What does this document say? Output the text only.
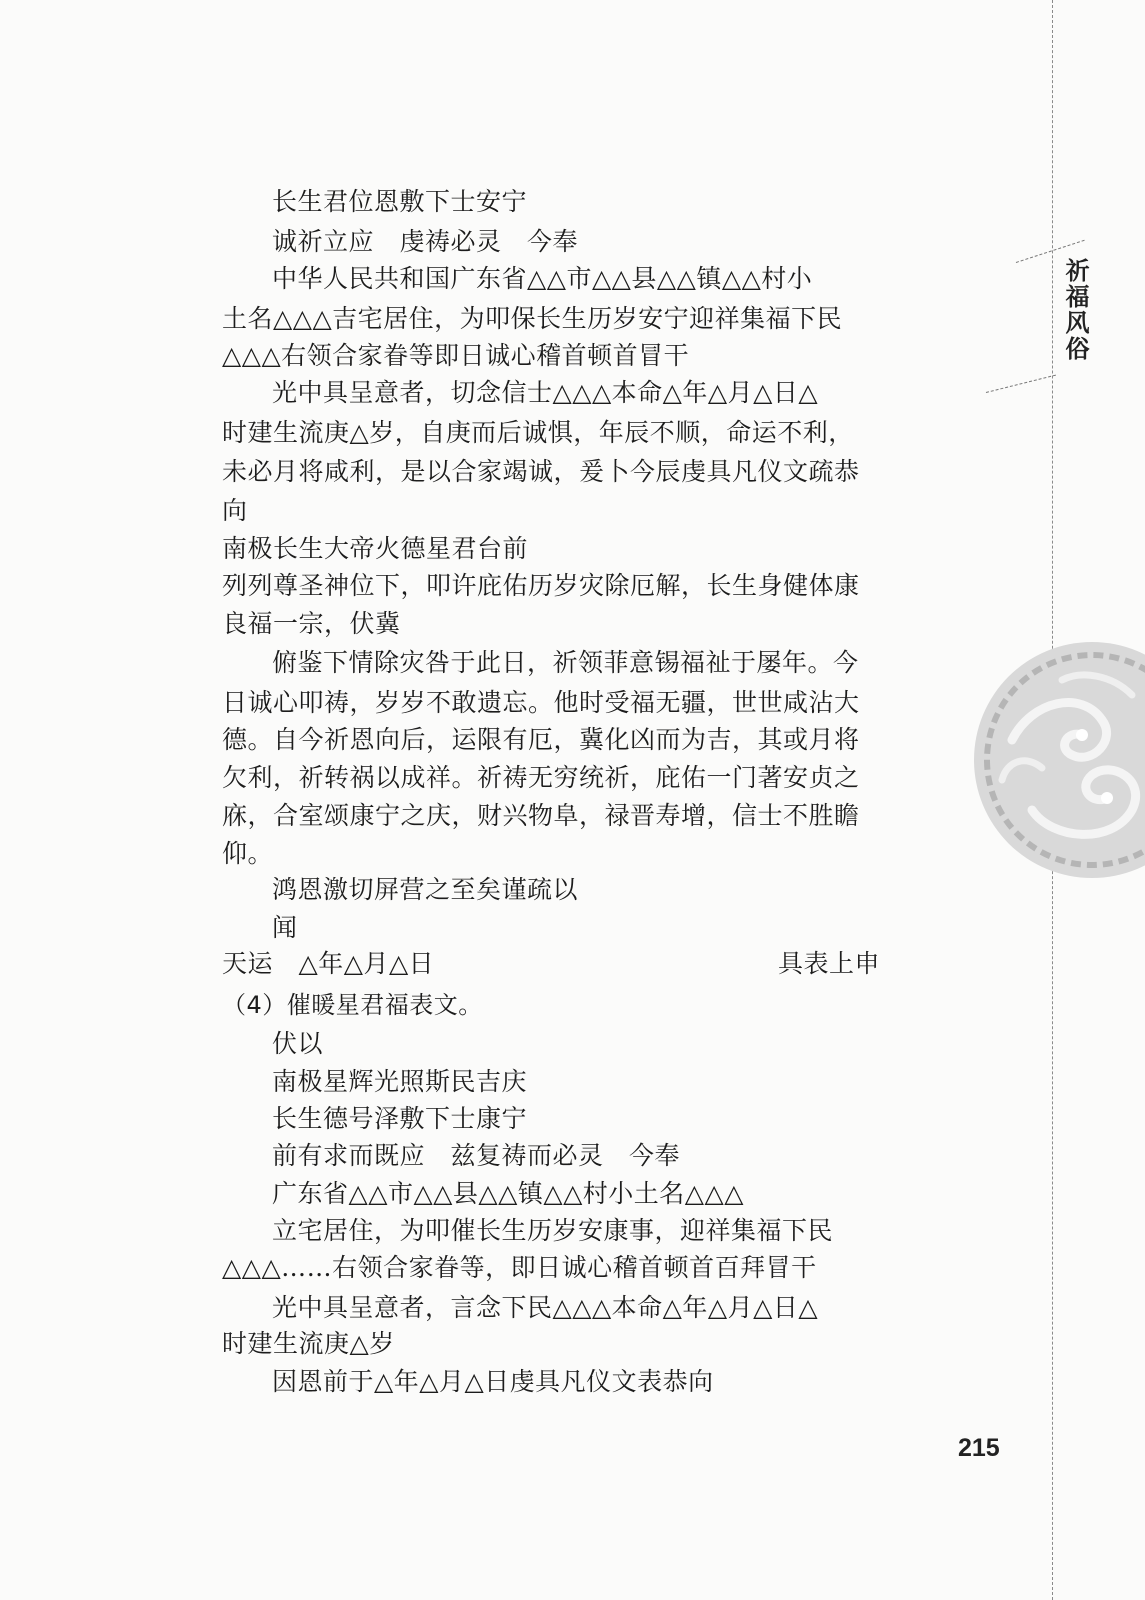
长生君位恩敷下士安宁
诚祈立应　虔祷必灵　今奉
中华人民共和国广东省△△市△△县△△镇△△村小
土名△△△吉宅居住，为叩保长生历岁安宁迎祥集福下民
△△△右领合家眷等即日诚心稽首顿首冒干
光中具呈意者，切念信士△△△本命△年△月△日△
时建生流庚△岁，自庚而后诚惧，年辰不顺，命运不利，
未必月将咸利，是以合家竭诚，爰卜今辰虔具凡仪文疏恭
向
南极长生大帝火德星君台前
列列尊圣神位下，叩许庇佑历岁灾除厄解，长生身健体康
良福一宗，伏冀
俯鉴下情除灾咎于此日，祈领菲意锡福祉于屡年。今
日诚心叩祷，岁岁不敢遗忘。他时受福无疆，世世咸沾大
德。自今祈恩向后，运限有厄，冀化凶而为吉，其或月将
欠利，祈转祸以成祥。祈祷无穷统祈，庇佑一门著安贞之
庥，合室颂康宁之庆，财兴物阜，禄晋寿增，信士不胜瞻
仰。
鸿恩激切屏营之至矣谨疏以
闻
天运　△年△月△日	具表上申
（4）催暖星君福表文。
伏以
南极星辉光照斯民吉庆
长生德号泽敷下士康宁
前有求而既应　兹复祷而必灵　今奉
广东省△△市△△县△△镇△△村小土名△△△
立宅居住，为叩催长生历岁安康事，迎祥集福下民
△△△……右领合家眷等，即日诚心稽首顿首百拜冒干
光中具呈意者，言念下民△△△本命△年△月△日△
时建生流庚△岁
因恩前于△年△月△日虔具凡仪文表恭向
祈福风俗
215
